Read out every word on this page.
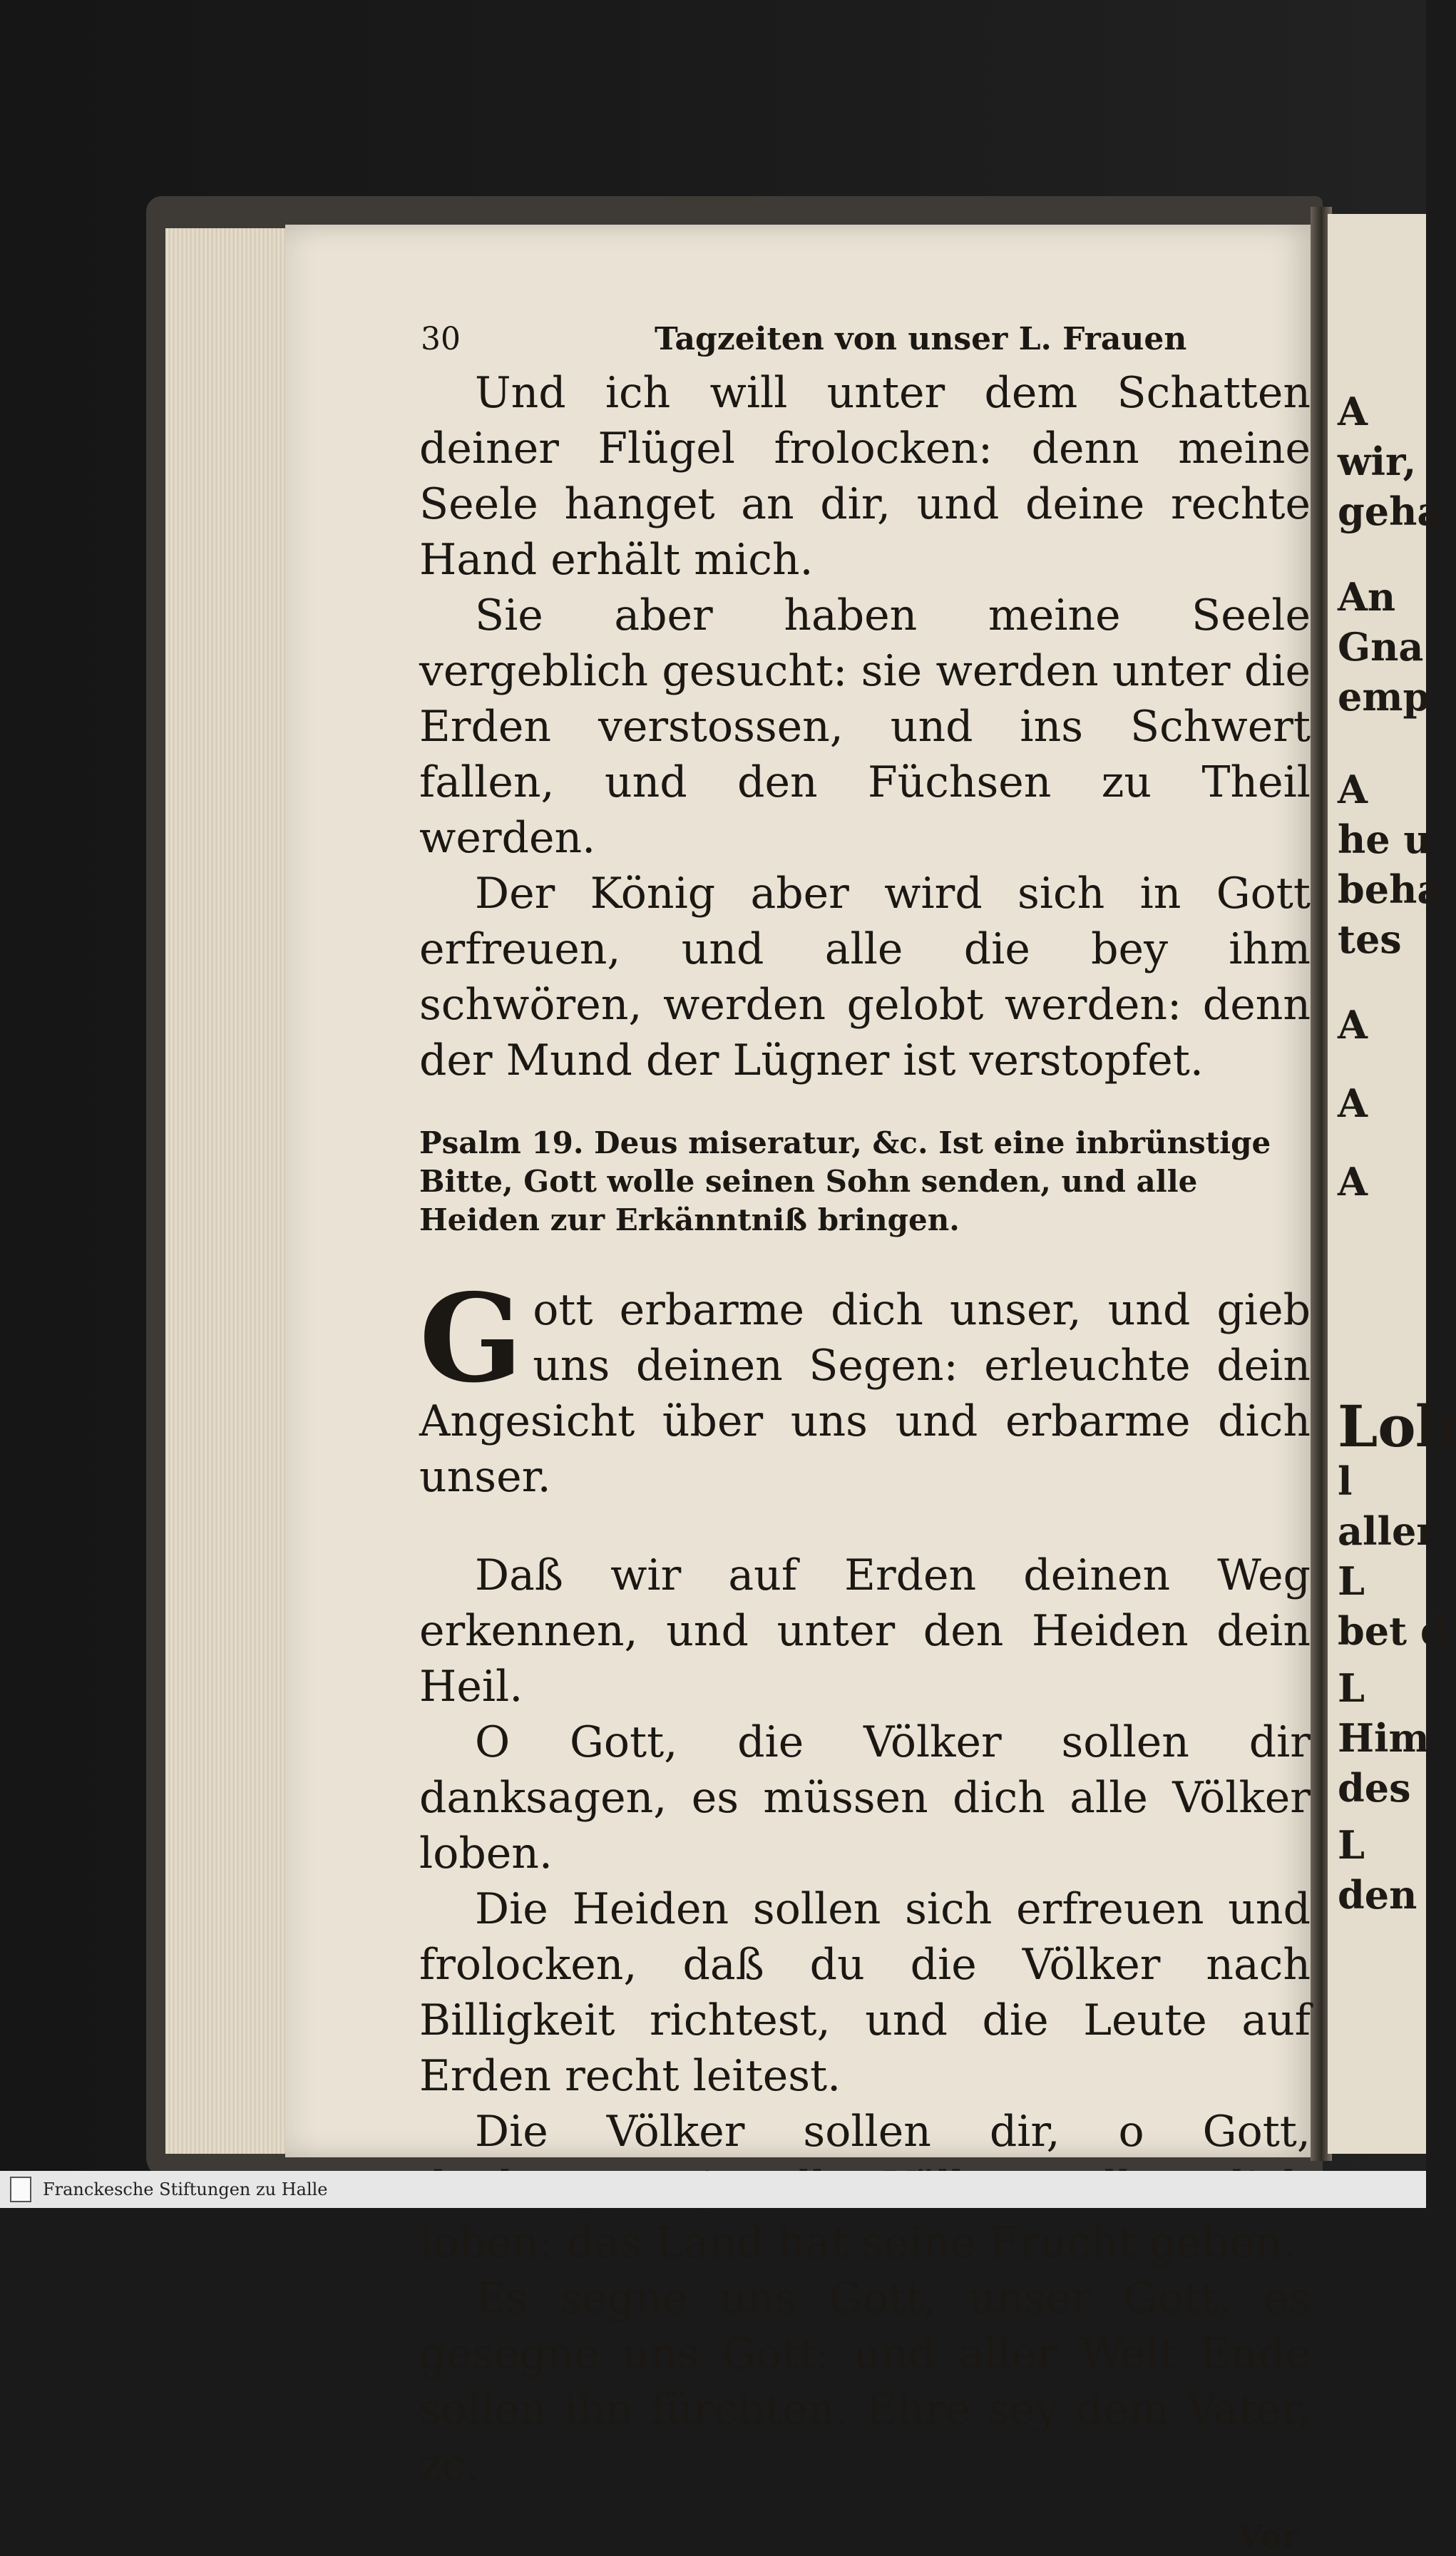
A
wir,
geha
An
Gna
emp
A
he u
beha
tes
A
A
A
Lob
l
aller
L
bet d
L
Him
des
L
den
30	Tagzeiten von unser L. Frauen

Und ich will unter dem Schatten deiner Flügel frolocken: denn meine Seele hanget an dir, und deine rechte Hand erhält mich.

Sie aber haben meine Seele vergeblich gesucht: sie werden unter die Erden verstossen, und ins Schwert fallen, und den Füchsen zu Theil werden.

Der König aber wird sich in Gott erfreuen, und alle die bey ihm schwören, werden gelobt werden: denn der Mund der Lügner ist verstopfet.

Psalm 19. Deus miseratur, &c. Ist eine inbrünstige Bitte, Gott wolle seinen Sohn senden, und alle Heiden zur Erkänntniß bringen.

G ott erbarme dich unser, und gieb uns deinen Segen: erleuchte dein Angesicht über uns und erbarme dich unser.

Daß wir auf Erden deinen Weg erkennen, und unter den Heiden dein Heil.

O Gott, die Völker sollen dir danksagen, es müssen dich alle Völker loben.

Die Heiden sollen sich erfreuen und frolocken, daß du die Völker nach Billigkeit richtest, und die Leute auf Erden recht leitest.

Die Völker sollen dir, o Gott, loben: das Land hat seine Frucht geben.

Es segne uns Gott, unser Gott, es gesegne uns Gott: und aller Welt Ende sollen ihn fürchten. Ehre sey dem Vater, zc.

Vor
Franckesche Stiftungen zu Halle
